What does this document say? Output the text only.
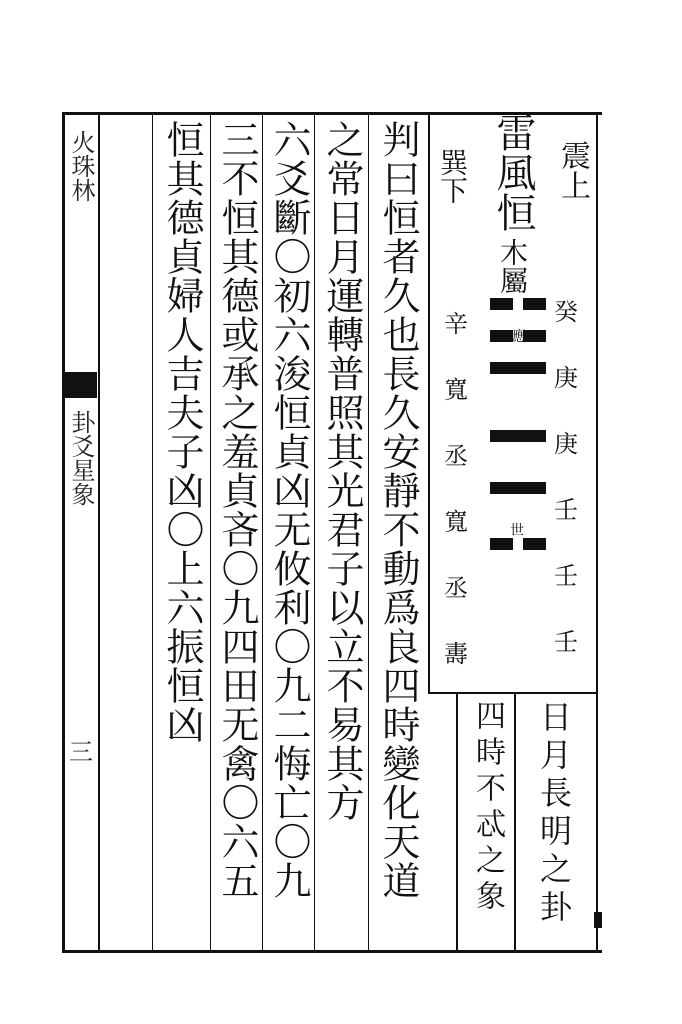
震上
巽下 雷風恒
木屬
應
世
癸
庚
庚
壬
壬
壬
辛
寬
丞
寬
丞
夀
日月長明之卦
四時不忒之象
判曰恒者久也長久安靜不動爲良四時變化天道
之常日月運轉普照其光君子以立不易其方
六爻斷〇初六浚恒貞凶无攸利〇九二悔亡〇九
三不恒其德或承之羞貞吝〇九四田无禽〇六五
恒其德貞婦人吉夫子凶〇上六振恒凶
火珠林
卦爻星象
三
